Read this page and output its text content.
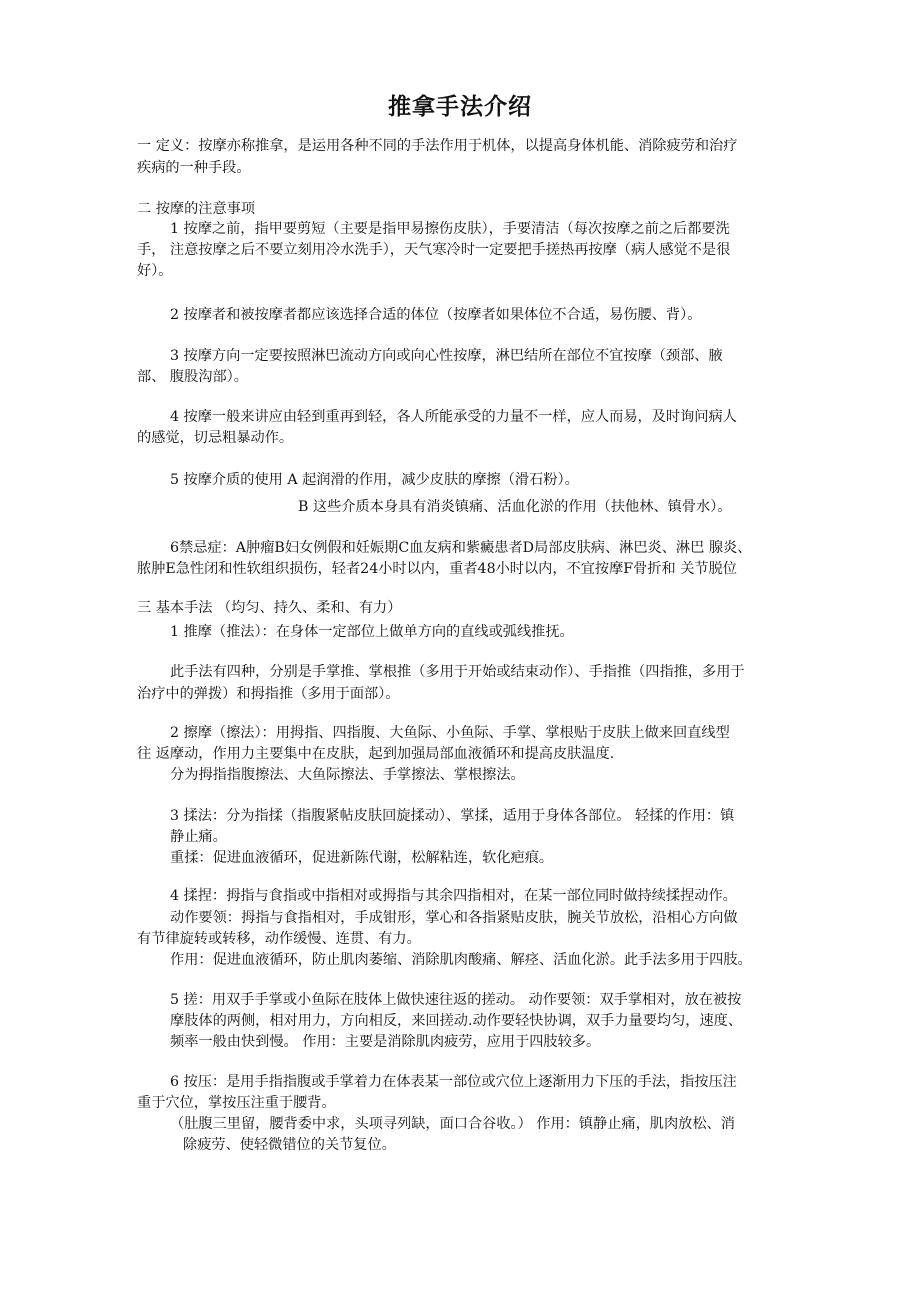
推拿手法介绍
一 定义：按摩亦称推拿，是运用各种不同的手法作用于机体，以提高身体机能、消除疲劳和治疗
疾病的一种手段。
二 按摩的注意事项
1 按摩之前，指甲要剪短（主要是指甲易擦伤皮肤），手要清洁（每次按摩之前之后都要洗
手， 注意按摩之后不要立刻用冷水洗手），天气寒冷时一定要把手搓热再按摩（病人感觉不是很
好）。
2 按摩者和被按摩者都应该选择合适的体位（按摩者如果体位不合适，易伤腰、背）。
3 按摩方向一定要按照淋巴流动方向或向心性按摩，淋巴结所在部位不宜按摩（颈部、腋
部、 腹股沟部）。
4 按摩一般来讲应由轻到重再到轻，各人所能承受的力量不一样，应人而易，及时询问病人
的感觉，切忌粗暴动作。
5 按摩介质的使用 A 起润滑的作用，减少皮肤的摩擦（滑石粉）。
B 这些介质本身具有消炎镇痛、活血化淤的作用（扶他林、镇骨水）。
6禁忌症：A肿瘤B妇女例假和妊娠期C血友病和紫癜患者D局部皮肤病、淋巴炎、淋巴 腺炎、
脓肿E急性闭和性软组织损伤，轻者24小时以内，重者48小时以内，不宜按摩F骨折和 关节脱位
三 基本手法 （均匀、持久、柔和、有力）
1 推摩（推法）：在身体一定部位上做单方向的直线或弧线推抚。
此手法有四种，分别是手掌推、掌根推（多用于开始或结束动作）、手指推（四指推，多用于
治疗中的弹拨）和拇指推（多用于面部）。
2 擦摩（擦法）：用拇指、四指腹、大鱼际、小鱼际、手掌、掌根贴于皮肤上做来回直线型
往 返摩动，作用力主要集中在皮肤，起到加强局部血液循环和提高皮肤温度.
分为拇指指腹擦法、大鱼际擦法、手掌擦法、掌根擦法。
3 揉法：分为指揉（指腹紧帖皮肤回旋揉动）、掌揉，适用于身体各部位。 轻揉的作用：镇
静止痛。
重揉：促进血液循环，促进新陈代谢，松解粘连，软化疤痕。
4 揉捏：拇指与食指或中指相对或拇指与其余四指相对，在某一部位同时做持续揉捏动作。
动作要领：拇指与食指相对，手成钳形，掌心和各指紧贴皮肤，腕关节放松，沿相心方向做
有节律旋转或转移，动作缓慢、连贯、有力。
作用：促进血液循环，防止肌肉萎缩、消除肌肉酸痛、解痉、活血化淤。此手法多用于四肢。
5 搓：用双手手掌或小鱼际在肢体上做快速往返的搓动。 动作要领：双手掌相对，放在被按
摩肢体的两侧，相对用力，方向相反，来回搓动.动作要轻快协调，双手力量要均匀，速度、
频率一般由快到慢。 作用：主要是消除肌肉疲劳，应用于四肢较多。
6 按压：是用手指指腹或手掌着力在体表某一部位或穴位上逐渐用力下压的手法，指按压注
重于穴位，掌按压注重于腰背。
（肚腹三里留，腰背委中求，头项寻列缺，面口合谷收。） 作用：镇静止痛，肌肉放松、消
除疲劳、使轻微错位的关节复位。
